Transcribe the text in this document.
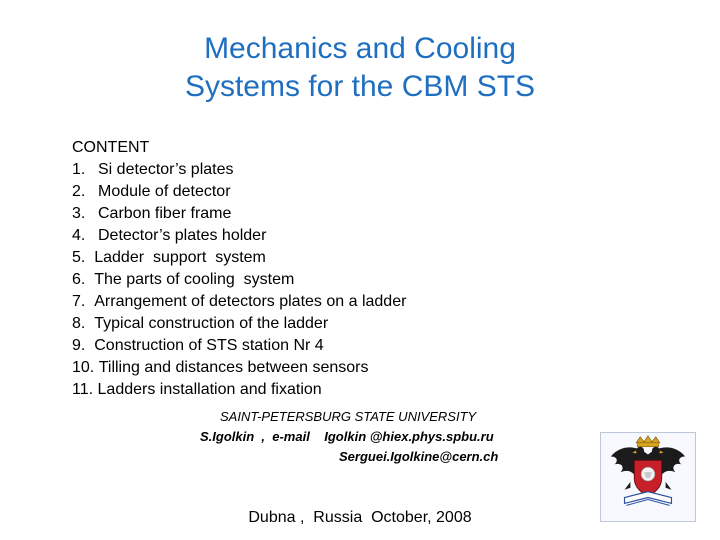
Mechanics and Cooling
Systems for the CBM STS
CONTENT
1. Si detector’s plates
2. Module of detector
3. Carbon fiber frame
4. Detector’s plates holder
5.
Ladder  support  system
6.
The parts of cooling  system
7.
Arrangement of detectors plates on a ladder
8.
Typical construction of the ladder
9.
Construction of STS station Nr 4
10.
Tilling and distances between sensors
11.
Ladders installation and fixation
SAINT-PETERSBURG STATE UNIVERSITY
S.Igolkin  ,  e-mail    Igolkin @hiex.phys.spbu.ru
Serguei.Igolkine@cern.ch
Dubna ,  Russia  October, 2008
